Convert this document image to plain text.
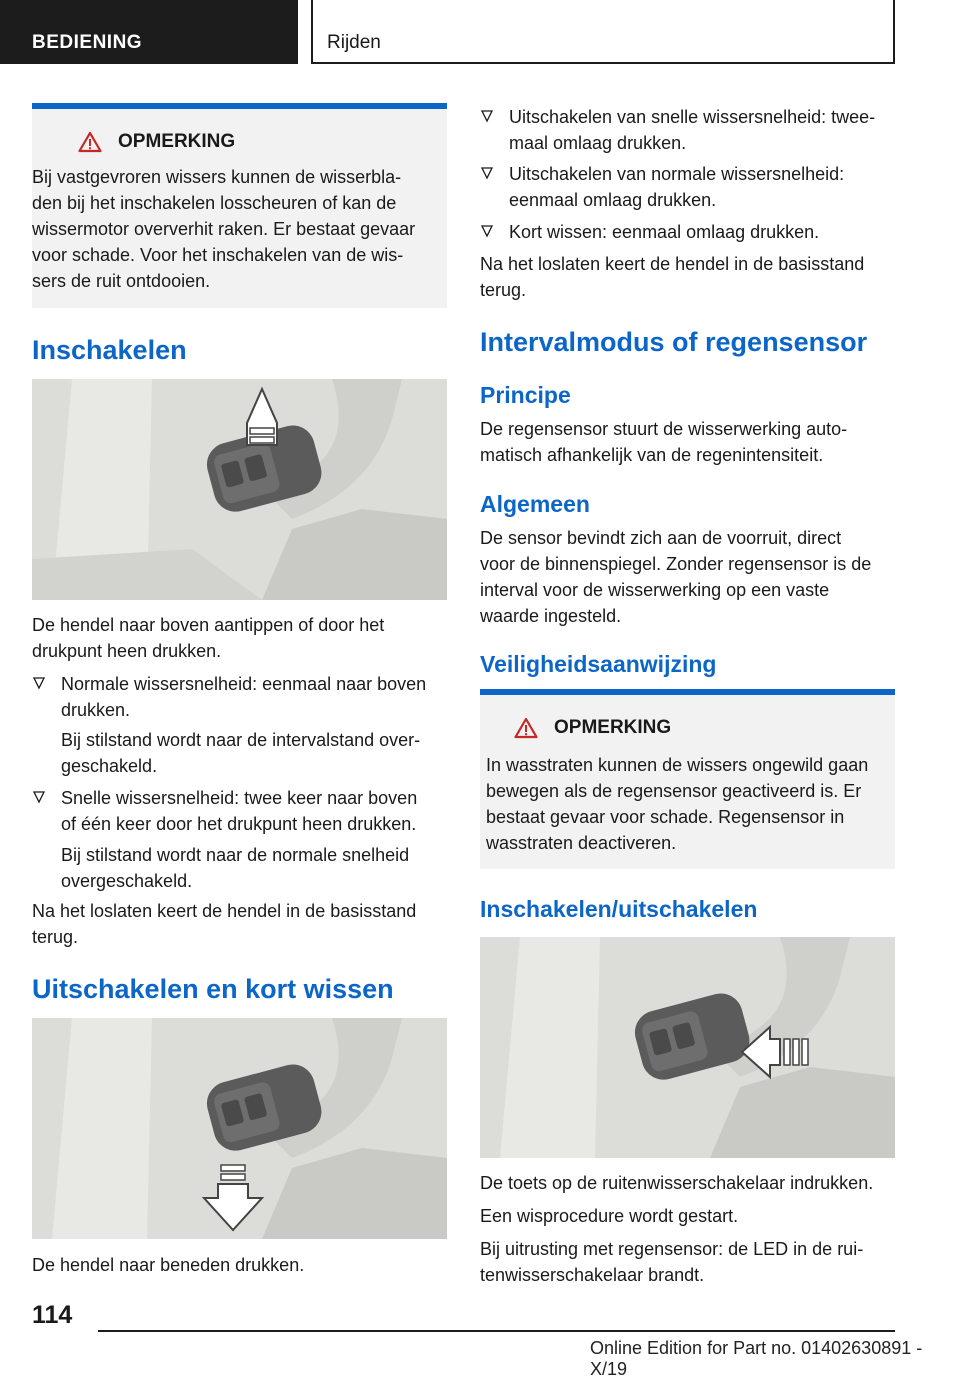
BEDIENING	Rijden
OPMERKING
Bij vastgevroren wissers kunnen de wisserbla-
den bij het inschakelen losscheuren of kan de
wissermotor oververhit raken. Er bestaat gevaar
voor schade. Voor het inschakelen van de wis-
sers de ruit ontdooien.
Inschakelen
De hendel naar boven aantippen of door het
drukpunt heen drukken.
Normale wissersnelheid: eenmaal naar boven
drukken.
Bij stilstand wordt naar de intervalstand over-
geschakeld.
Snelle wissersnelheid: twee keer naar boven
of één keer door het drukpunt heen drukken.
Bij stilstand wordt naar de normale snelheid
overgeschakeld.
Na het loslaten keert de hendel in de basisstand
terug.
Uitschakelen en kort wissen
De hendel naar beneden drukken.
Uitschakelen van snelle wissersnelheid: twee-
maal omlaag drukken.
Uitschakelen van normale wissersnelheid:
eenmaal omlaag drukken.
Kort wissen: eenmaal omlaag drukken.
Na het loslaten keert de hendel in de basisstand
terug.
Intervalmodus of regensensor
Principe
De regensensor stuurt de wisserwerking auto-
matisch afhankelijk van de regenintensiteit.
Algemeen
De sensor bevindt zich aan de voorruit, direct
voor de binnenspiegel. Zonder regensensor is de
interval voor de wisserwerking op een vaste
waarde ingesteld.
Veiligheidsaanwijzing
OPMERKING
In wasstraten kunnen de wissers ongewild gaan
bewegen als de regensensor geactiveerd is. Er
bestaat gevaar voor schade. Regensensor in
wasstraten deactiveren.
Inschakelen/uitschakelen
De toets op de ruitenwisserschakelaar indrukken.
Een wisprocedure wordt gestart.
Bij uitrusting met regensensor: de LED in de rui-
tenwisserschakelaar brandt.
114
Online Edition for Part no. 01402630891 - X/19
